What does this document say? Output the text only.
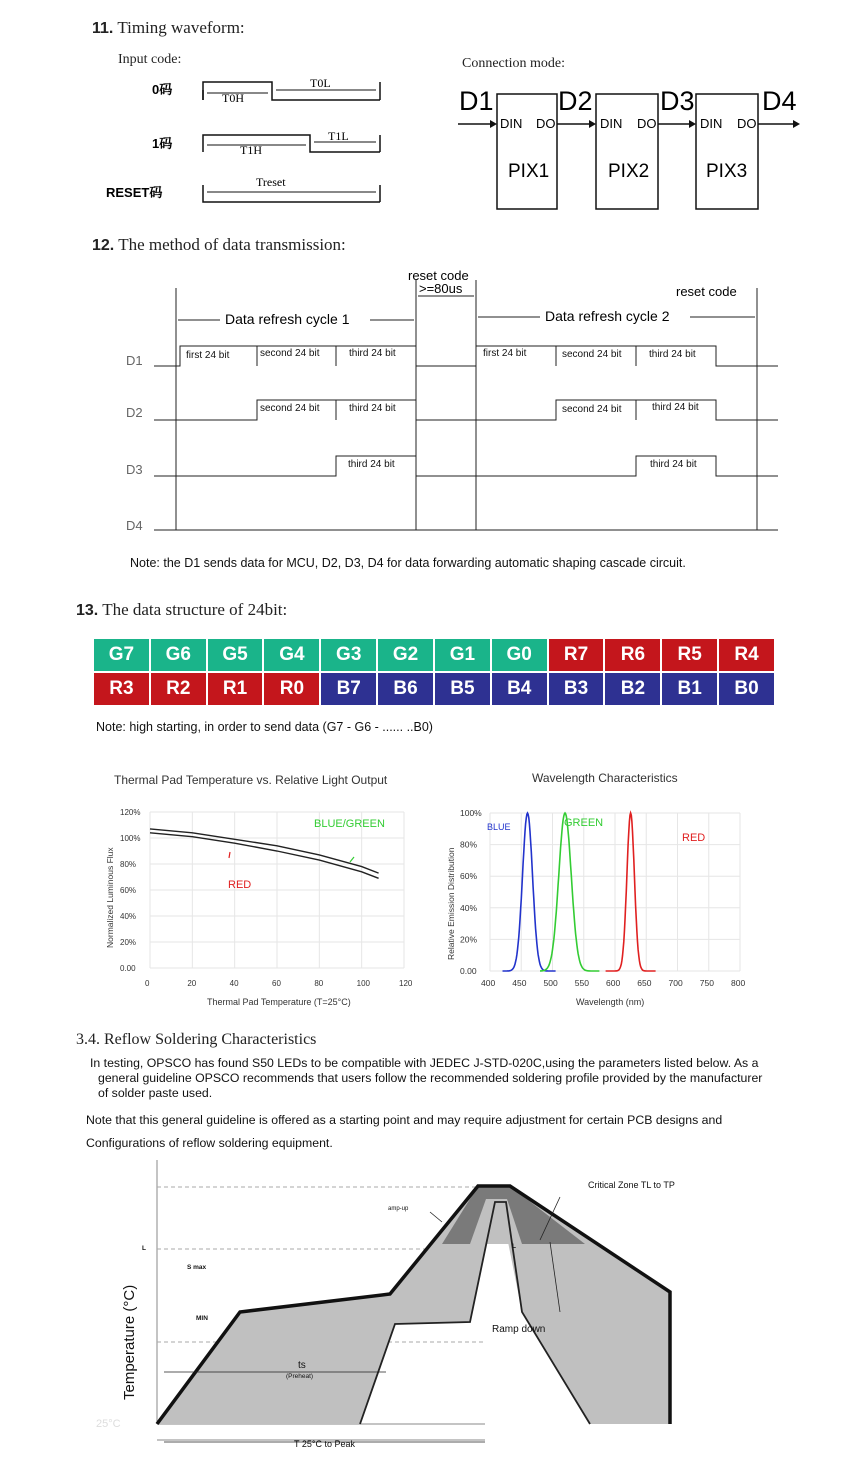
11. Timing waveform:
Input code:	Connection mode:
0码
1码
RESET码
T0H
T0L
T1H
T1L
Treset
D1 D2 D3 D4
DIN DO	DIN DO	DIN DO
PIX1	PIX2	PIX3
12. The method of data transmission:
reset code
>=80us	reset code
Data refresh cycle 1	Data refresh cycle 2
D1
D2
D3
D4
first 24 bit	second 24 bit	third 24 bit	first 24 bit	second 24 bit	third 24 bit
second 24 bit	third 24 bit	second 24 bit	third 24 bit
third 24 bit	third 24 bit
Note: the D1 sends data for MCU, D2, D3, D4 for data forwarding automatic shaping cascade circuit.
13. The data structure of 24bit:
G7	G6	G5	G4	G3	G2	G1	G0	R7	R6	R5	R4
R3	R2	R1	R0	B7	B6	B5	B4	B3	B2	B1	B0
Note: high starting, in order to send data (G7 - G6 - ...... ..B0)
Thermal Pad Temperature vs. Relative Light Output
Thermal Pad Temperature (T=25°C)
Normalized Luminous Flux
0	20	40	60	80	100	120
0.00
20%
40%
60%
80%
100%
120%
BLUE/GREEN
RED
Wavelength Characteristics
Wavelength (nm)
Relative Emission Distribution
400 450 500 550 600 650 700 750 800
0.00
20%
40%
60%
80%
100%
BLUE	GREEN
RED
3.4. Reflow Soldering Characteristics
In testing, OPSCO has found S50 LEDs to be compatible with JEDEC J-STD-020C,using the parameters listed below. As a
general guideline OPSCO recommends that users follow the recommended soldering profile provided by the manufacturer
of solder paste used.
Note that this general guideline is offered as a starting point and may require adjustment for certain PCB designs and
Configurations of reflow soldering equipment.
Temperature (°C)
25°C
Critical Zone TL to TP
amp-up
Ramp down
S max
MIN
L	L
ts
(Preheat)
T 25°C to Peak
